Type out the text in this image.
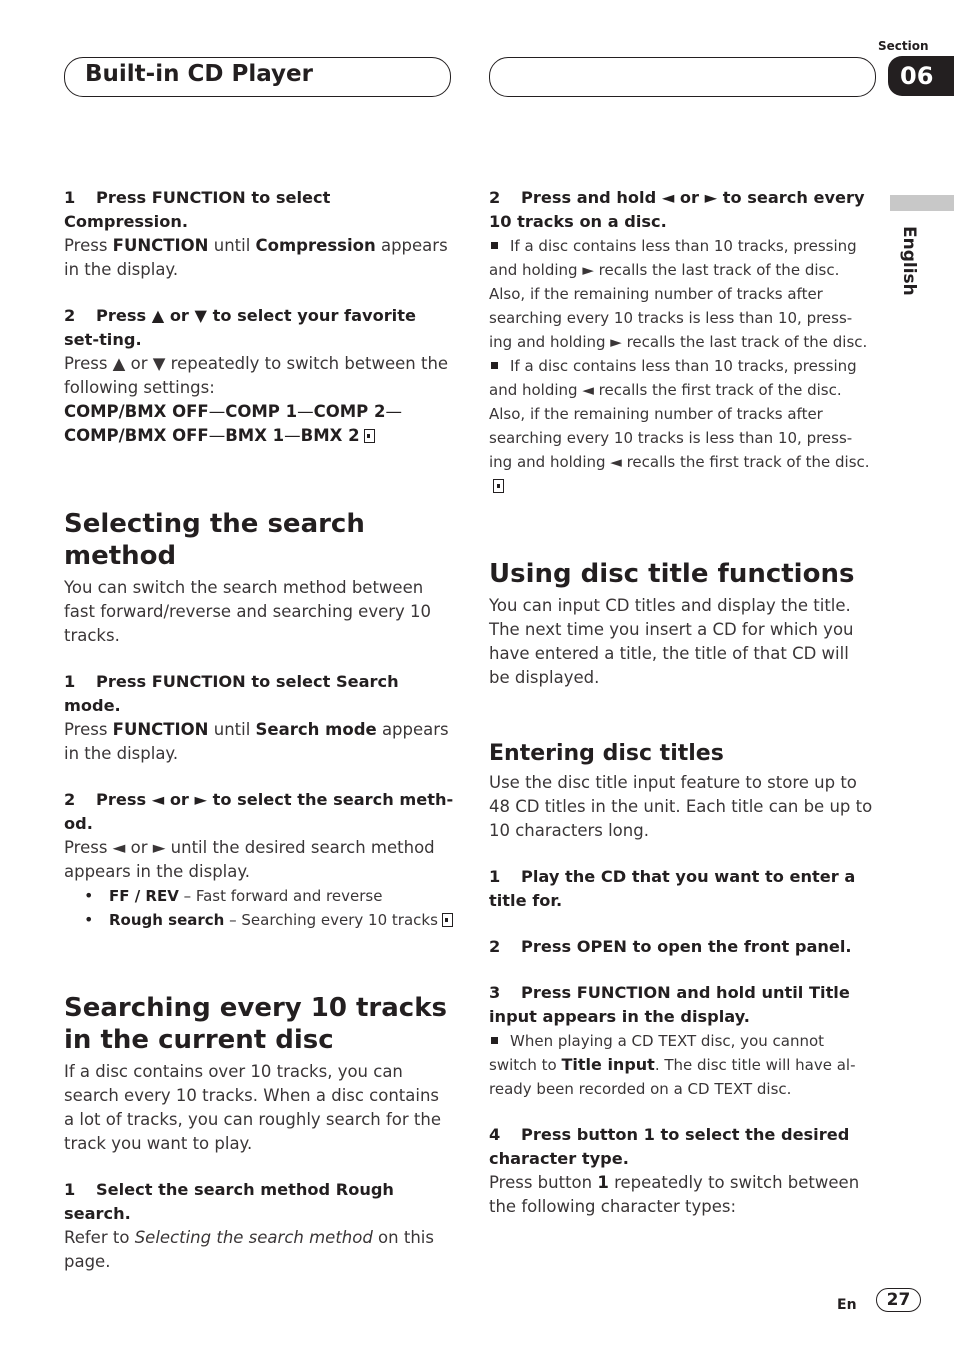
Built-in CD Player
Section
06
English

1 Press FUNCTION to select Compression.

Press FUNCTION until Compression appears in the display.

2 Press ▲ or ▼ to select your favorite set-ting.

Press ▲ or ▼ repeatedly to switch between the following settings:

COMP/BMX OFF—COMP 1—COMP 2—

COMP/BMX OFF—BMX 1—BMX 2

Selecting the search method

You can switch the search method between fast forward/reverse and searching every 10 tracks.

1 Press FUNCTION to select Search mode.

Press FUNCTION until Search mode appears in the display.

2 Press ◄ or ► to select the search meth-od.

Press ◄ or ► until the desired search method appears in the display.

• FF / REV – Fast forward and reverse
• Rough search – Searching every 10 tracks
Searching every 10 tracks in the current disc

If a disc contains over 10 tracks, you can search every 10 tracks. When a disc contains a lot of tracks, you can roughly search for the track you want to play.

1 Select the search method Rough search.

Refer to Selecting the search method on this page.

2 Press and hold ◄ or ► to search every 10 tracks on a disc.

If a disc contains less than 10 tracks, pressing and holding ► recalls the last track of the disc. Also, if the remaining number of tracks after searching every 10 tracks is less than 10, press-ing and holding ► recalls the last track of the disc.

If a disc contains less than 10 tracks, pressing and holding ◄ recalls the first track of the disc. Also, if the remaining number of tracks after searching every 10 tracks is less than 10, press-ing and holding ◄ recalls the first track of the disc.

Using disc title functions

You can input CD titles and display the title. The next time you insert a CD for which you have entered a title, the title of that CD will be displayed.

Entering disc titles

Use the disc title input feature to store up to 48 CD titles in the unit. Each title can be up to 10 characters long.

1 Play the CD that you want to enter a title for.

2 Press OPEN to open the front panel.

3 Press FUNCTION and hold until Title input appears in the display.

When playing a CD TEXT disc, you cannot switch to Title input. The disc title will have al-ready been recorded on a CD TEXT disc.

4 Press button 1 to select the desired character type.

Press button 1 repeatedly to switch between the following character types:

En	27
